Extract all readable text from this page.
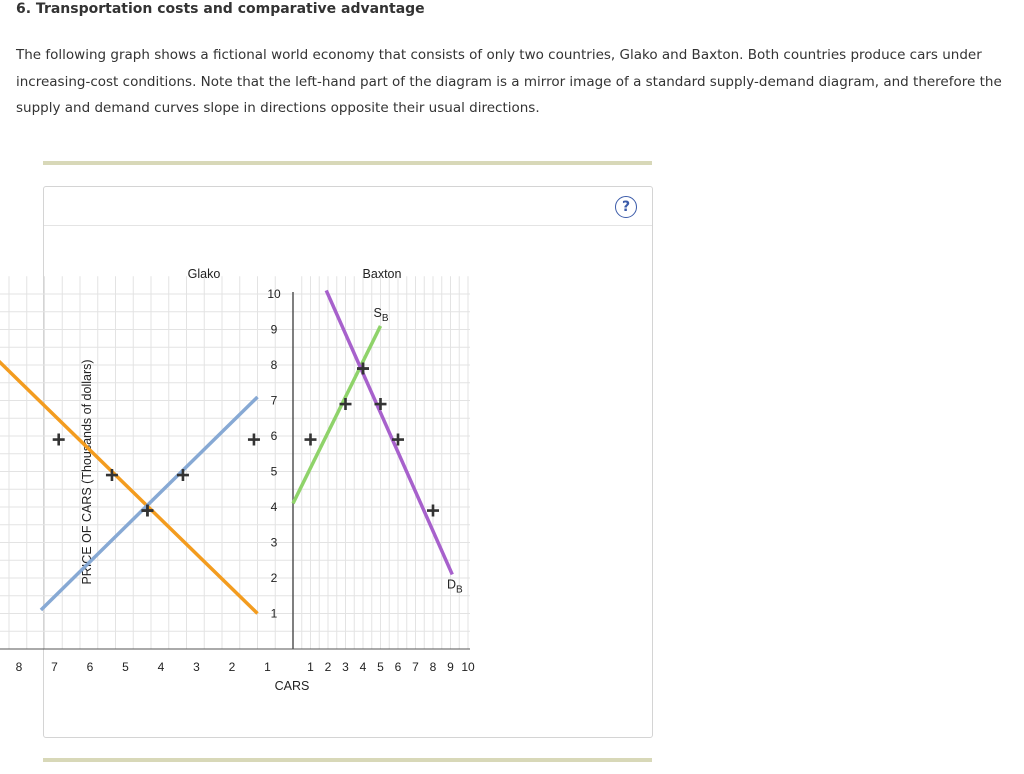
6. Transportation costs and comparative advantage
The following graph shows a fictional world economy that consists of only two countries, Glako and Baxton. Both countries produce cars under increasing-cost conditions. Note that the left-hand part of the diagram is a mirror image of a standard supply-demand diagram, and therefore the supply and demand curves slope in directions opposite their usual directions.
?
10
9
8
7
6
5
4
3
2
1
8 7 6 5 4 3 2 1	1 2 3 4 5 6 7 8 9 10
CARS
PRICE OF CARS (Thousands of dollars)
Glako	Baxton
$S_B$
$D_B$
